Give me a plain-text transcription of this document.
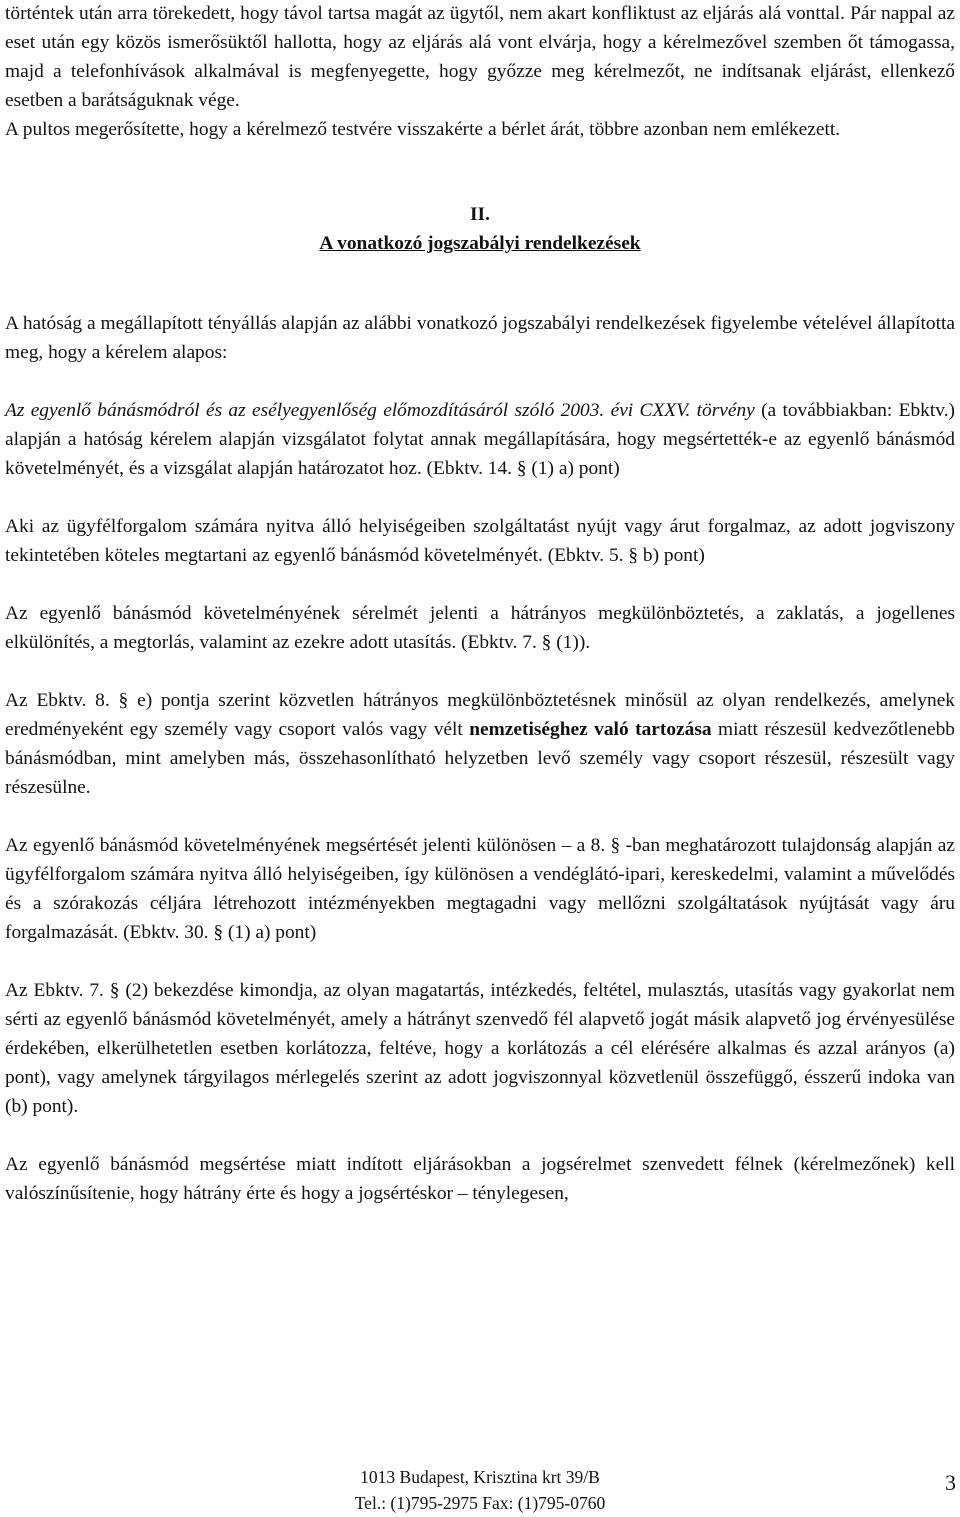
történtek után arra törekedett, hogy távol tartsa magát az ügytől, nem akart konfliktust az eljárás alá vonttal. Pár nappal az eset után egy közös ismerősüktől hallotta, hogy az eljárás alá vont elvárja, hogy a kérelmezővel szemben őt támogassa, majd a telefonhívások alkalmával is megfenyegette, hogy győzze meg kérelmezőt, ne indítsanak eljárást, ellenkező esetben a barátságuknak vége.

A pultos megerősítette, hogy a kérelmező testvére visszakérte a bérlet árát, többre azonban nem emlékezett.

II.
A vonatkozó jogszabályi rendelkezések

A hatóság a megállapított tényállás alapján az alábbi vonatkozó jogszabályi rendelkezések figyelembe vételével állapította meg, hogy a kérelem alapos:

Az egyenlő bánásmódról és az esélyegyenlőség előmozdításáról szóló 2003. évi CXXV. törvény (a továbbiakban: Ebktv.) alapján a hatóság kérelem alapján vizsgálatot folytat annak megállapítására, hogy megsértették-e az egyenlő bánásmód követelményét, és a vizsgálat alapján határozatot hoz. (Ebktv. 14. § (1) a) pont)

Aki az ügyfélforgalom számára nyitva álló helyiségeiben szolgáltatást nyújt vagy árut forgalmaz, az adott jogviszony tekintetében köteles megtartani az egyenlő bánásmód követelményét. (Ebktv. 5. § b) pont)

Az egyenlő bánásmód követelményének sérelmét jelenti a hátrányos megkülönböztetés, a zaklatás, a jogellenes elkülönítés, a megtorlás, valamint az ezekre adott utasítás. (Ebktv. 7. § (1)).

Az Ebktv. 8. § e) pontja szerint közvetlen hátrányos megkülönböztetésnek minősül az olyan rendelkezés, amelynek eredményeként egy személy vagy csoport valós vagy vélt nemzetiséghez való tartozása miatt részesül kedvezőtlenebb bánásmódban, mint amelyben más, összehasonlítható helyzetben levő személy vagy csoport részesül, részesült vagy részesülne.

Az egyenlő bánásmód követelményének megsértését jelenti különösen – a 8. § -ban meghatározott tulajdonság alapján az ügyfélforgalom számára nyitva álló helyiségeiben, így különösen a vendéglátó-ipari, kereskedelmi, valamint a művelődés és a szórakozás céljára létrehozott intézményekben megtagadni vagy mellőzni szolgáltatások nyújtását vagy áru forgalmazását. (Ebktv. 30. § (1) a) pont)

Az Ebktv. 7. § (2) bekezdése kimondja, az olyan magatartás, intézkedés, feltétel, mulasztás, utasítás vagy gyakorlat nem sérti az egyenlő bánásmód követelményét, amely a hátrányt szenvedő fél alapvető jogát másik alapvető jog érvényesülése érdekében, elkerülhetetlen esetben korlátozza, feltéve, hogy a korlátozás a cél elérésére alkalmas és azzal arányos (a) pont), vagy amelynek tárgyilagos mérlegelés szerint az adott jogviszonnyal közvetlenül összefüggő, ésszerű indoka van (b) pont).

Az egyenlő bánásmód megsértése miatt indított eljárásokban a jogsérelmet szenvedett félnek (kérelmezőnek) kell valószínűsítenie, hogy hátrány érte és hogy a jogsértéskor – ténylegesen,

1013 Budapest, Krisztina krt 39/B
Tel.: (1)795-2975 Fax: (1)795-0760
3
